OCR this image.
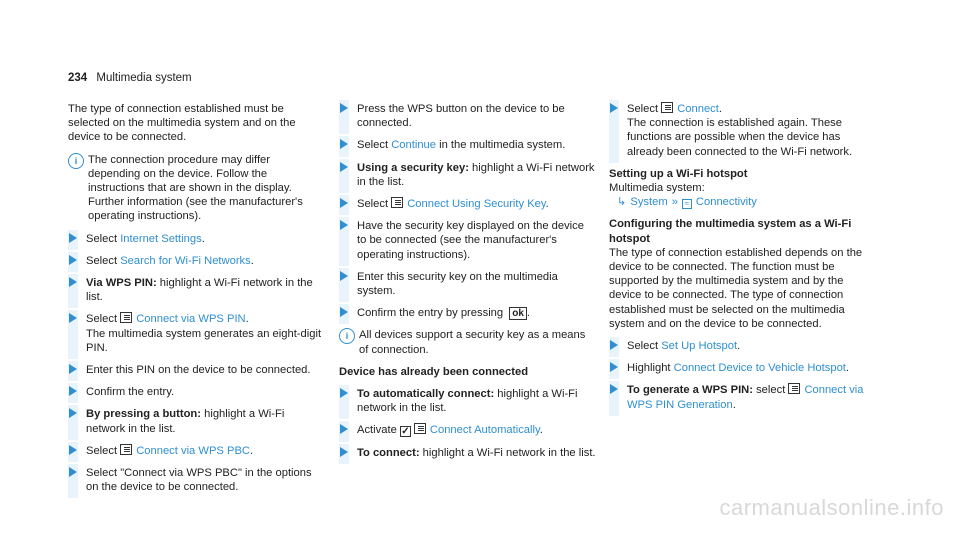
234 Multimedia system

The type of connection established must be selected on the multimedia system and on the device to be connected.

i The connection procedure may differ depending on the device. Follow the instructions that are shown in the display. Further information (see the manufacturer's operating instructions).
Select Internet Settings.
Select Search for Wi-Fi Networks.
Via WPS PIN: highlight a Wi-Fi network in the list.
Select Connect via WPS PIN.
The multimedia system generates an eight-digit PIN.
Enter this PIN on the device to be connected.
Confirm the entry.
By pressing a button: highlight a Wi-Fi network in the list.
Select Connect via WPS PBC.
Select "Connect via WPS PBC" in the options on the device to be connected.
Press the WPS button on the device to be connected.
Select Continue in the multimedia system.
Using a security key: highlight a Wi-Fi network in the list.
Select Connect Using Security Key.
Have the security key displayed on the device to be connected (see the manufacturer's operating instructions).
Enter this security key on the multimedia system.
Confirm the entry by pressing ok .
i All devices support a security key as a means of connection.

Device has already been connected

To automatically connect: highlight a Wi-Fi network in the list.
Activate ✓ Connect Automatically.
To connect: highlight a Wi-Fi network in the list.
Select Connect.
The connection is established again. These functions are possible when the device has already been connected to the Wi-Fi network.

Setting up a Wi-Fi hotspot

Multimedia system:

↳ System » ≈ Connectivity

Configuring the multimedia system as a Wi-Fi hotspot

The type of connection established depends on the device to be connected. The function must be supported by the multimedia system and by the device to be connected. The type of connection established must be selected on the multimedia system and on the device to be connected.

Select Set Up Hotspot.
Highlight Connect Device to Vehicle Hotspot.
To generate a WPS PIN: select Connect via WPS PIN Generation.
carmanualsonline.info
